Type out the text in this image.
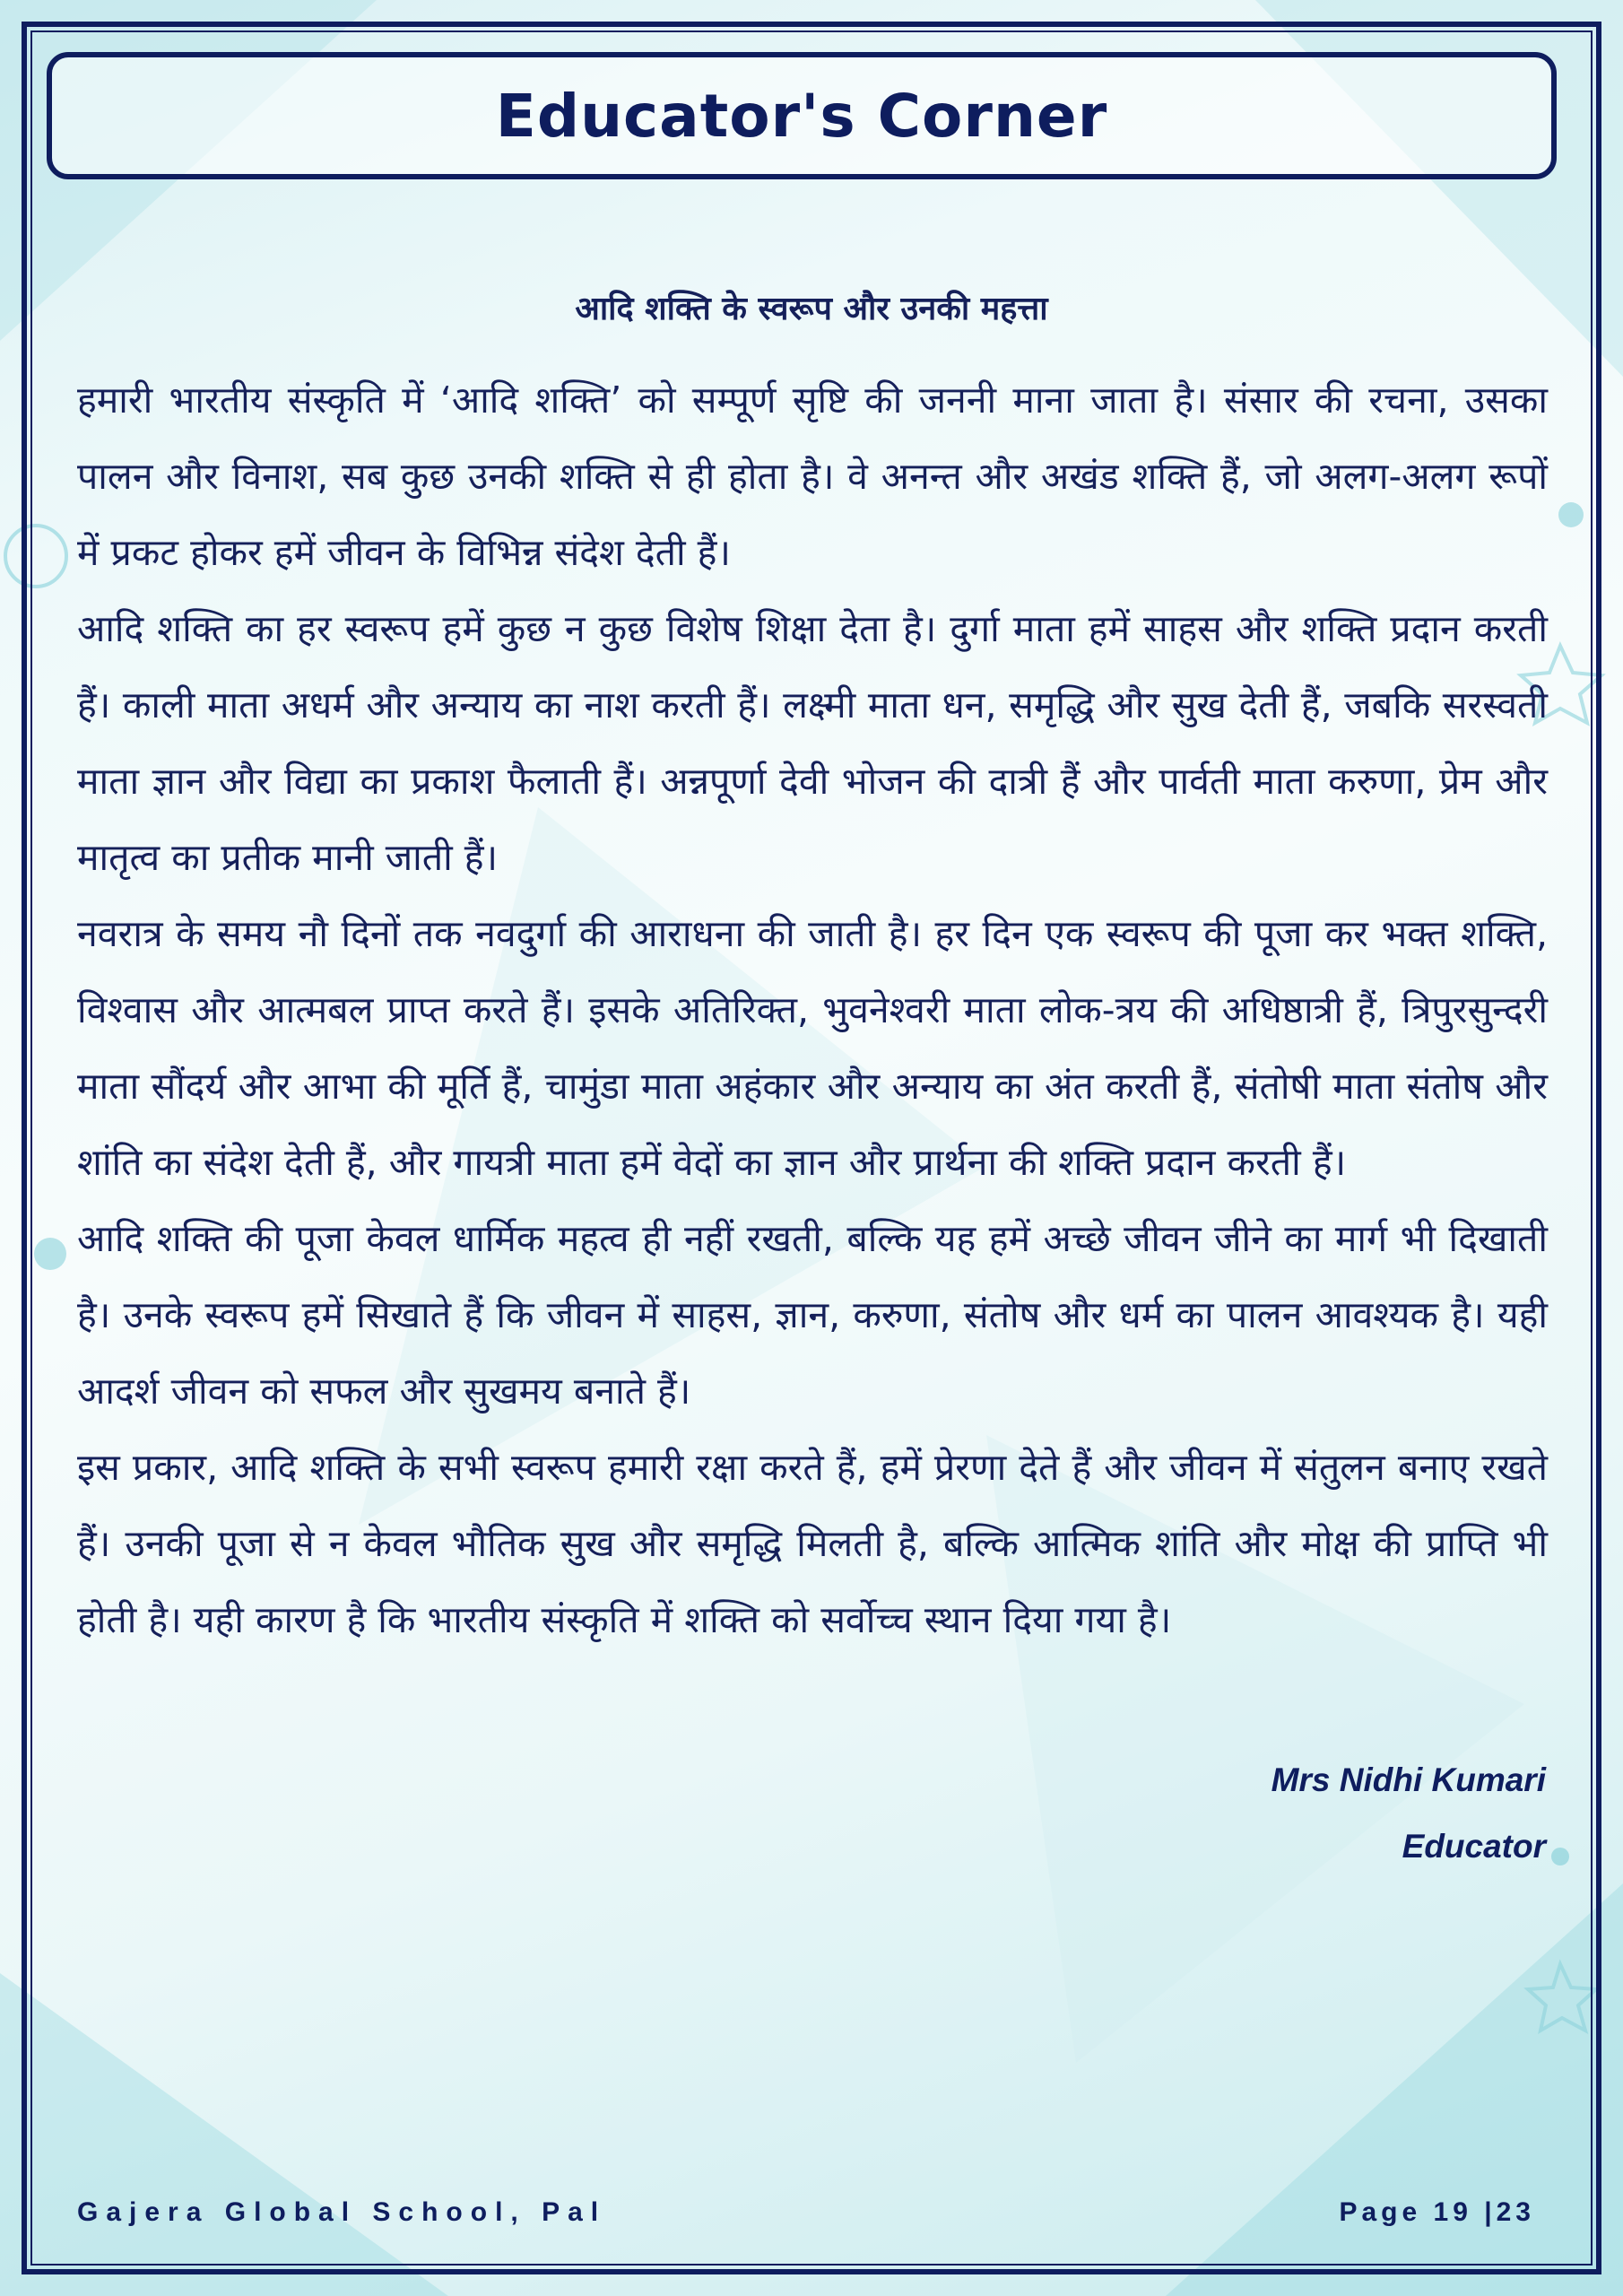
Educator's Corner
आदि शक्ति के स्वरूप और उनकी महत्ता

हमारी भारतीय संस्कृति में ‘आदि शक्ति’ को सम्पूर्ण सृष्टि की जननी माना जाता है। संसार की रचना, उसका पालन और विनाश, सब कुछ उनकी शक्ति से ही होता है। वे अनन्त और अखंड शक्ति हैं, जो अलग-अलग रूपों में प्रकट होकर हमें जीवन के विभिन्न संदेश देती हैं।

आदि शक्ति का हर स्वरूप हमें कुछ न कुछ विशेष शिक्षा देता है। दुर्गा माता हमें साहस और शक्ति प्रदान करती हैं। काली माता अधर्म और अन्याय का नाश करती हैं। लक्ष्मी माता धन, समृद्धि और सुख देती हैं, जबकि सरस्वती माता ज्ञान और विद्या का प्रकाश फैलाती हैं। अन्नपूर्णा देवी भोजन की दात्री हैं और पार्वती माता करुणा, प्रेम और मातृत्व का प्रतीक मानी जाती हैं।

नवरात्र के समय नौ दिनों तक नवदुर्गा की आराधना की जाती है। हर दिन एक स्वरूप की पूजा कर भक्त शक्ति, विश्वास और आत्मबल प्राप्त करते हैं। इसके अतिरिक्त, भुवनेश्वरी माता लोक-त्रय की अधिष्ठात्री हैं, त्रिपुरसुन्दरी माता सौंदर्य और आभा की मूर्ति हैं, चामुंडा माता अहंकार और अन्याय का अंत करती हैं, संतोषी माता संतोष और शांति का संदेश देती हैं, और गायत्री माता हमें वेदों का ज्ञान और प्रार्थना की शक्ति प्रदान करती हैं।

आदि शक्ति की पूजा केवल धार्मिक महत्व ही नहीं रखती, बल्कि यह हमें अच्छे जीवन जीने का मार्ग भी दिखाती है। उनके स्वरूप हमें सिखाते हैं कि जीवन में साहस, ज्ञान, करुणा, संतोष और धर्म का पालन आवश्यक है। यही आदर्श जीवन को सफल और सुखमय बनाते हैं।

इस प्रकार, आदि शक्ति के सभी स्वरूप हमारी रक्षा करते हैं, हमें प्रेरणा देते हैं और जीवन में संतुलन बनाए रखते हैं। उनकी पूजा से न केवल भौतिक सुख और समृद्धि मिलती है, बल्कि आत्मिक शांति और मोक्ष की प्राप्ति भी होती है। यही कारण है कि भारतीय संस्कृति में शक्ति को सर्वोच्च स्थान दिया गया है।

Mrs Nidhi Kumari
Educator
Gajera Global School, Pal	Page 19 |23
